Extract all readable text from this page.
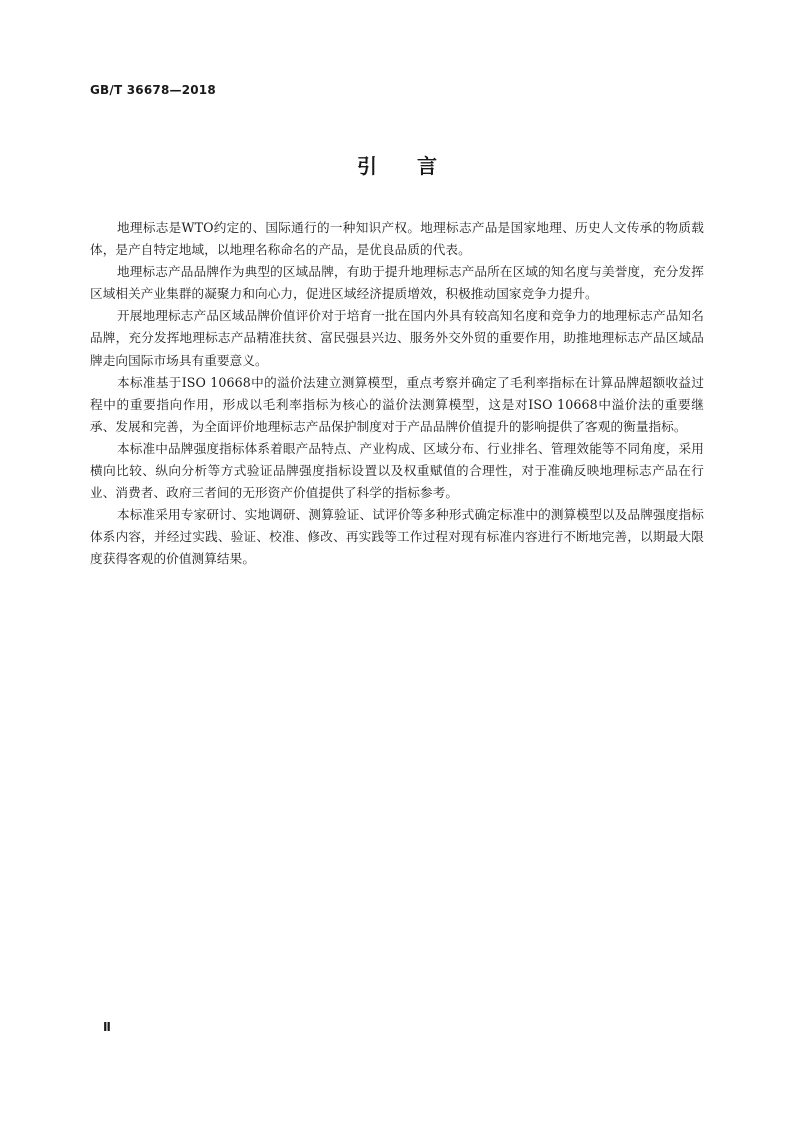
GB/T 36678—2018
引言

地理标志是WTO约定的、国际通行的一种知识产权。地理标志产品是国家地理、历史人文传承的物质载体，是产自特定地域，以地理名称命名的产品，是优良品质的代表。

地理标志产品品牌作为典型的区域品牌，有助于提升地理标志产品所在区域的知名度与美誉度，充分发挥区域相关产业集群的凝聚力和向心力，促进区域经济提质增效，积极推动国家竞争力提升。

开展地理标志产品区域品牌价值评价对于培育一批在国内外具有较高知名度和竞争力的地理标志产品知名品牌，充分发挥地理标志产品精准扶贫、富民强县兴边、服务外交外贸的重要作用，助推地理标志产品区域品牌走向国际市场具有重要意义。

本标准基于ISO 10668中的溢价法建立测算模型，重点考察并确定了毛利率指标在计算品牌超额收益过程中的重要指向作用，形成以毛利率指标为核心的溢价法测算模型，这是对ISO 10668中溢价法的重要继承、发展和完善，为全面评价地理标志产品保护制度对于产品品牌价值提升的影响提供了客观的衡量指标。

本标准中品牌强度指标体系着眼产品特点、产业构成、区域分布、行业排名、管理效能等不同角度，采用横向比较、纵向分析等方式验证品牌强度指标设置以及权重赋值的合理性，对于准确反映地理标志产品在行业、消费者、政府三者间的无形资产价值提供了科学的指标参考。

本标准采用专家研讨、实地调研、测算验证、试评价等多种形式确定标准中的测算模型以及品牌强度指标体系内容，并经过实践、验证、校准、修改、再实践等工作过程对现有标准内容进行不断地完善，以期最大限度获得客观的价值测算结果。

Ⅱ
